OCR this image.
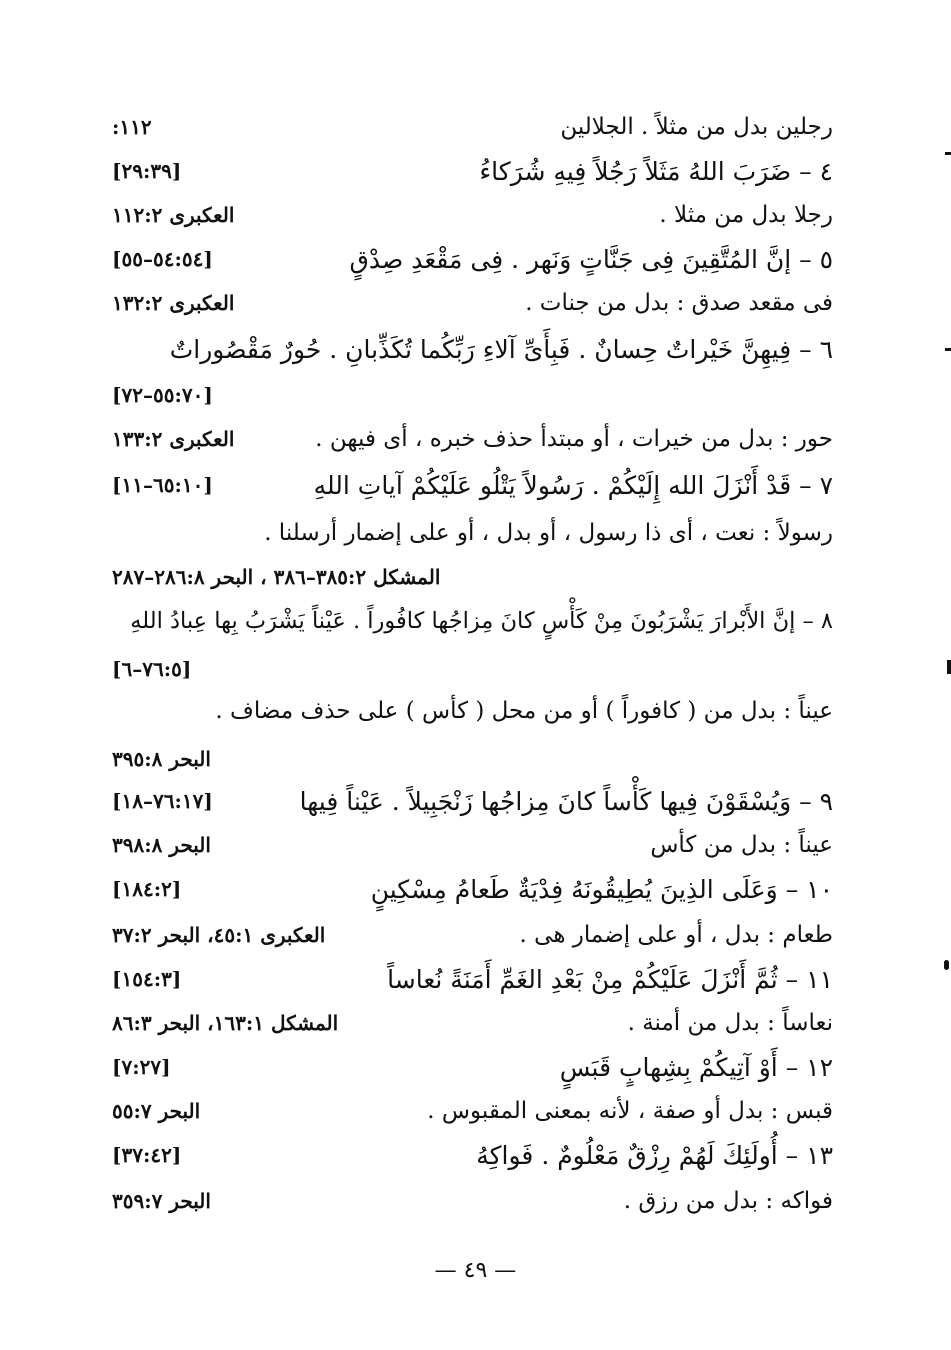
١١٢:	رجلين بدل من مثلاً . الجلالين
[٢٩:٣٩]	٤ – ضَرَبَ اللهُ مَثَلاً رَجُلاً فِيهِ شُرَكاءُ
العكبرى ١١٢:٢	رجلا بدل من مثلا .
[٥٤:٥٤–٥٥]	٥ – إنَّ المُتَّقِينَ فِى جَنَّاتٍ وَنَهر . فِى مَقْعَدِ صِدْقٍ
العكبرى ١٣٢:٢	فى مقعد صدق : بدل من جنات .
٦ – فِيهِنَّ خَيْراتٌ حِسانٌ . فَبِأَىِّ آلاءِ رَبِّكُما تُكَذِّبانِ . حُورٌ مَقْصُوراتٌ
[٥٥:٧٠–٧٢]
العكبرى ١٣٣:٢	حور : بدل من خيرات ، أو مبتدأ حذف خبره ، أى فيهن .
[٦٥:١٠–١١]	٧ – قَدْ أَنْزَلَ الله إِلَيْكُمْ . رَسُولاً يَتْلُو عَلَيْكُمْ آياتِ اللهِ
رسولاً : نعت ، أى ذا رسول ، أو بدل ، أو على إضمار أرسلنا .
المشكل ٣٨٥:٢–٣٨٦ ، البحر ٢٨٦:٨–٢٨٧
٨ – إنَّ الأَبْرارَ يَشْرَبُونَ مِنْ كَأْسٍ كانَ مِزاجُها كافُوراً . عَيْناً يَشْرَبُ بِها عِبادُ اللهِ
[٧٦:٥–٦]
عيناً : بدل من ( كافوراً ) أو من محل ( كأس ) على حذف مضاف .
البحر ٣٩٥:٨
[٧٦:١٧–١٨]	٩ – وَيُسْقَوْنَ فِيها كَأْساً كانَ مِزاجُها زَنْجَبِيلاً . عَيْناً فِيها
البحر ٣٩٨:٨	عيناً : بدل من كأس
[١٨٤:٢]	١٠ – وَعَلَى الذِينَ يُطِيقُونَهُ فِدْيَةٌ طَعامُ مِسْكِينٍ
العكبرى ٤٥:١، البحر ٣٧:٢	طعام : بدل ، أو على إضمار هى .
[١٥٤:٣]	١١ – ثُمَّ أَنْزَلَ عَلَيْكُمْ مِنْ بَعْدِ الغَمِّ أَمَنَةً نُعاساً
المشكل ١٦٣:١، البحر ٨٦:٣	نعاساً : بدل من أمنة .
[٧:٢٧]	١٢ – أَوْ آتِيكُمْ بِشِهابٍ قَبَسٍ
البحر ٥٥:٧	قبس : بدل أو صفة ، لأنه بمعنى المقبوس .
[٣٧:٤٢]	١٣ – أُولَئِكَ لَهُمْ رِزْقٌ مَعْلُومٌ . فَواكِهُ
البحر ٣٥٩:٧	فواكه : بدل من رزق .
— ٤٩ —
